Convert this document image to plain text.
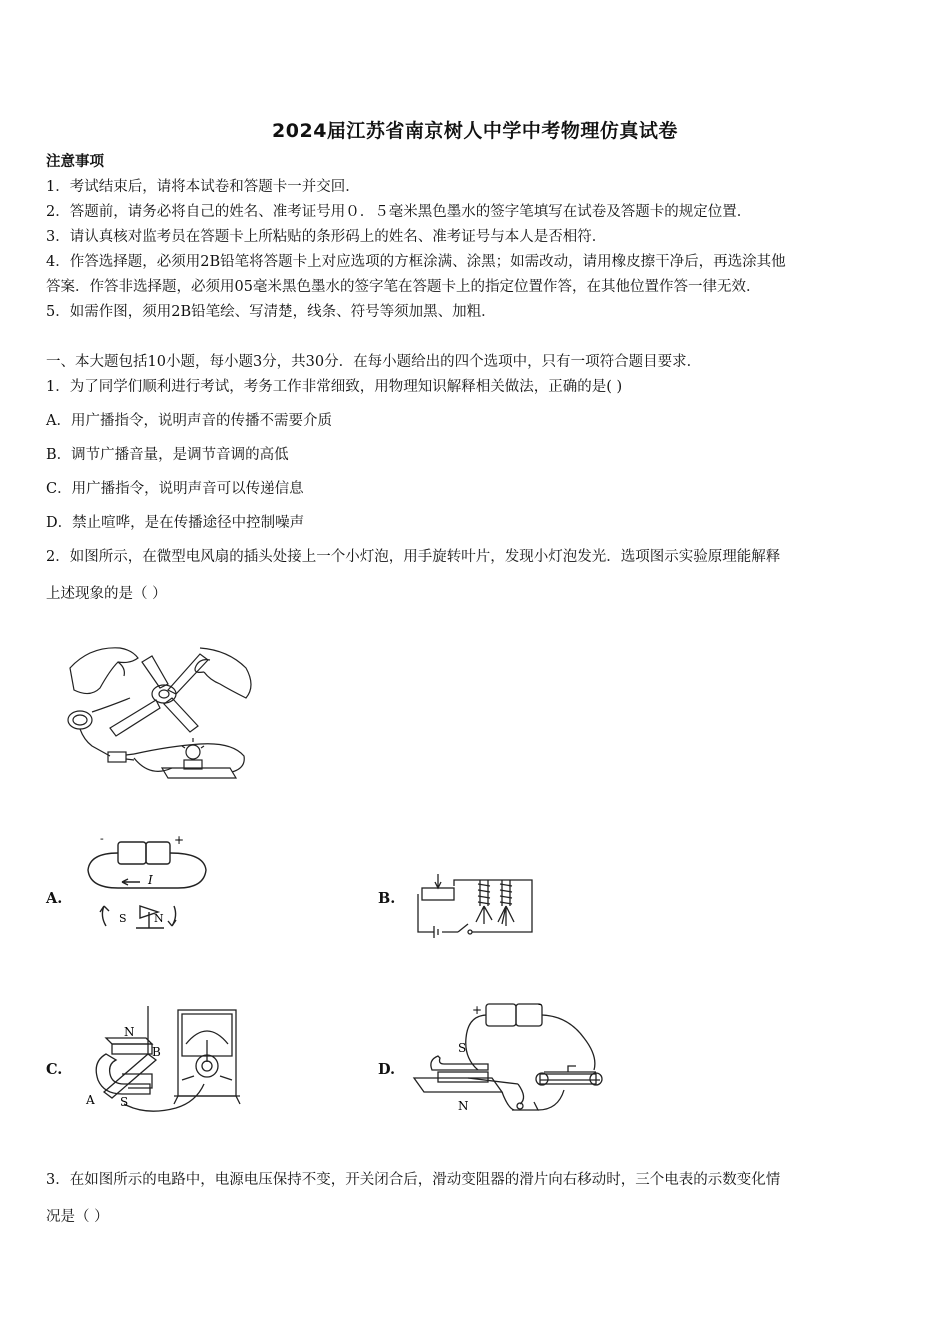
2024届江苏省南京树人中学中考物理仿真试卷
注意事项
1．考试结束后，请将本试卷和答题卡一并交回．
2．答题前，请务必将自己的姓名、准考证号用０．５毫米黑色墨水的签字笔填写在试卷及答题卡的规定位置．
3．请认真核对监考员在答题卡上所粘贴的条形码上的姓名、准考证号与本人是否相符．
4．作答选择题，必须用2B铅笔将答题卡上对应选项的方框涂满、涂黑；如需改动，请用橡皮擦干净后，再选涂其他
答案．作答非选择题，必须用05毫米黑色墨水的签字笔在答题卡上的指定位置作答，在其他位置作答一律无效．
5．如需作图，须用2B铅笔绘、写清楚，线条、符号等须加黑、加粗．
一、本大题包括10小题，每小题3分，共30分．在每小题给出的四个选项中，只有一项符合题目要求．
1．为了同学们顺利进行考试，考务工作非常细致，用物理知识解释相关做法，正确的是( )
A．用广播指令，说明声音的传播不需要介质
B．调节广播音量，是调节音调的高低
C．用广播指令，说明声音可以传递信息
D．禁止喧哗，是在传播途径中控制噪声
2．如图所示，在微型电风扇的插头处接上一个小灯泡，用手旋转叶片，发现小灯泡发光．选项图示实验原理能解释
上述现象的是（ ）
A.	B.
C.	D.
-	+
I
S N
N
B
A S
+	-
S
N
3．在如图所示的电路中，电源电压保持不变，开关闭合后，滑动变阻器的滑片向右移动时，三个电表的示数变化情
况是（ ）
